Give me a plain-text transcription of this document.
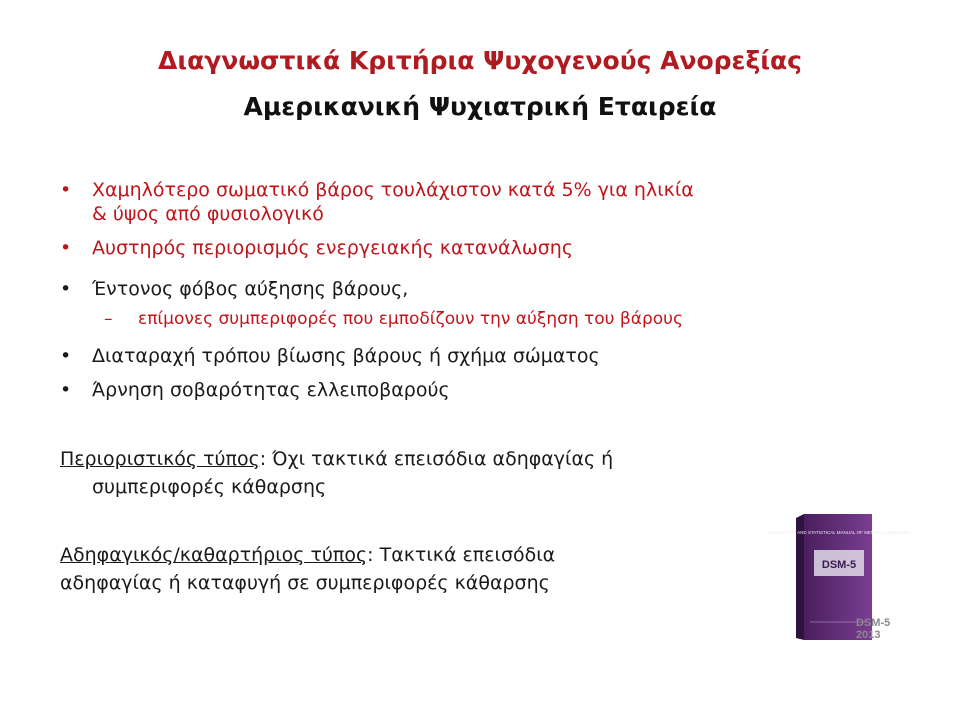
Διαγνωστικά Κριτήρια Ψυχογενούς Ανορεξίας
Αμερικανική Ψυχιατρική Εταιρεία
• Χαμηλότερο σωματικό βάρος τουλάχιστον κατά 5% για ηλικία
& ύψος από φυσιολογικό
• Αυστηρός περιορισμός ενεργειακής κατανάλωσης
• Έντονος φόβος αύξησης βάρους,
– επίμονες συμπεριφορές που εμποδίζουν την αύξηση του βάρους
• Διαταραχή τρόπου βίωσης βάρους ή σχήμα σώματος
• Άρνηση σοβαρότητας ελλειποβαρούς
Περιοριστικός τύπος: Όχι τακτικά επεισόδια αδηφαγίας ή
συμπεριφορές κάθαρσης
Αδηφαγικός/καθαρτήριος τύπος: Τακτικά επεισόδια
αδηφαγίας ή καταφυγή σε συμπεριφορές κάθαρσης
DIAGNOSTIC AND STATISTICAL MANUAL OF MENTAL DISORDERS
DSM-5
DSM-5
2013
